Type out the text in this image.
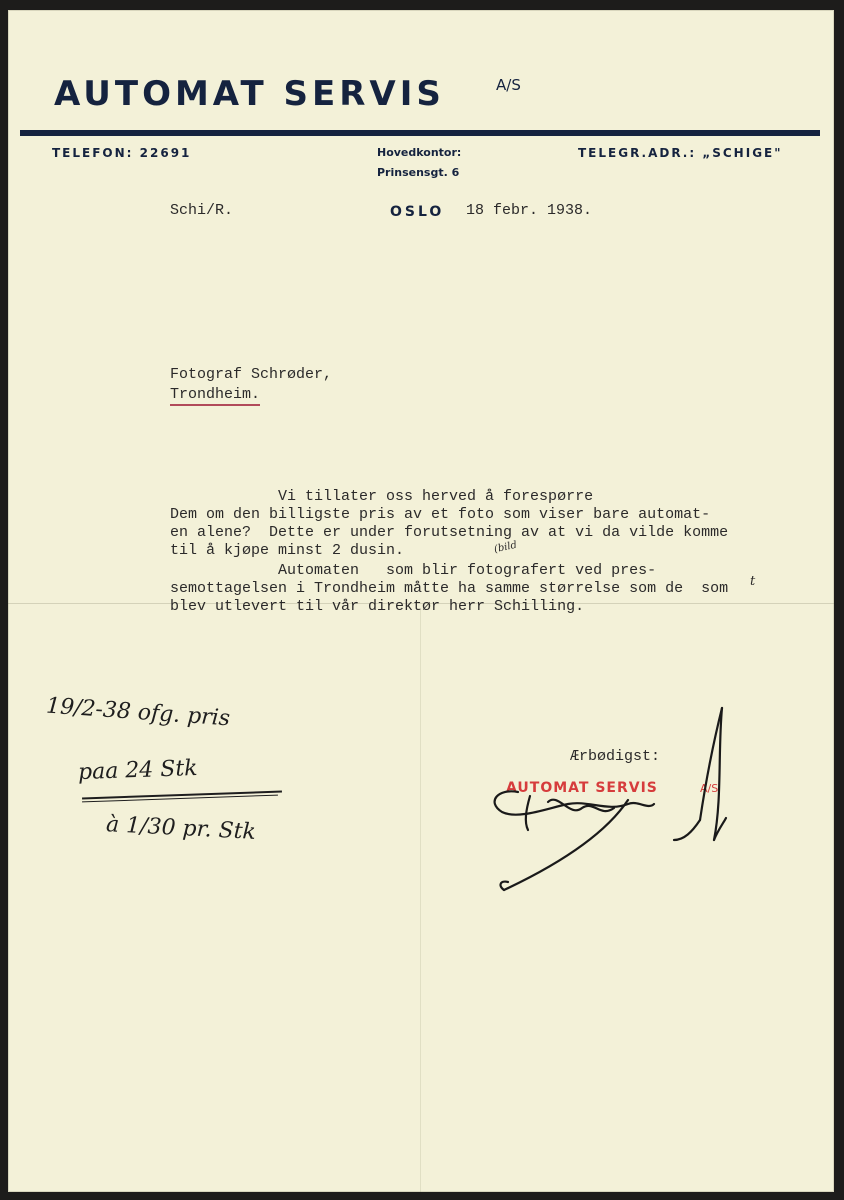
AUTOMAT SERVIS	A/S
TELEFON: 22691	Hovedkontor:
Prinsensgt. 6
TELEGR.ADR.: „SCHIGE"
Schi/R.	OSLO 18 febr. 1938.
Fotograf Schrøder,
Trondheim.
Vi tillater oss herved å forespørre
Dem om den billigste pris av et foto som viser bare automat-
en alene?  Dette er under forutsetning av at vi da vilde komme
til å kjøpe minst 2 dusin.
Automaten   som blir fotografert ved pres-
semottagelsen i Trondheim måtte ha samme størrelse som de  som
blev utlevert til vår direktør herr Schilling.
(bild
t
19/2-38 ofg. pris
paa 24 Stk
à 1/30 pr. Stk
Ærbødigst:
AUTOMAT SERVIS	A/S
Schilling
